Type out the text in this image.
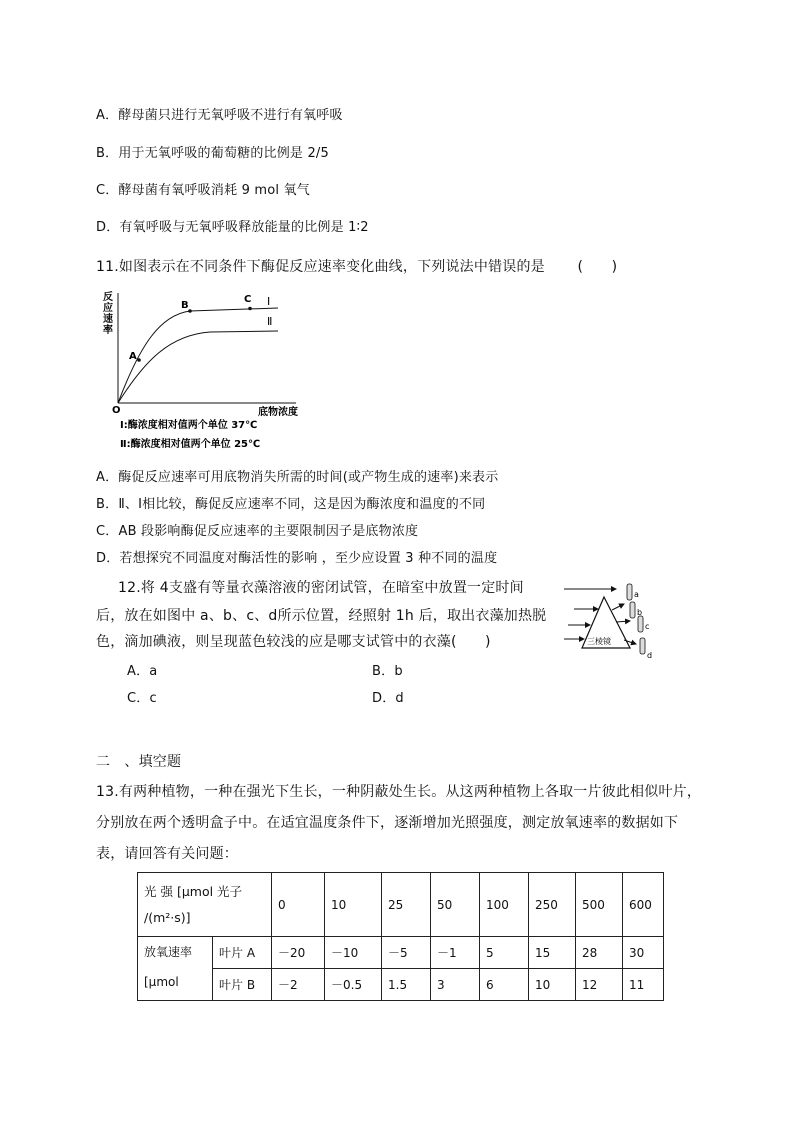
A．酵母菌只进行无氧呼吸不进行有氧呼吸
B．用于无氧呼吸的葡萄糖的比例是 2/5
C．酵母菌有氧呼吸消耗 9 mol 氧气
D．有氧呼吸与无氧呼吸释放能量的比例是 1∶2
11.如图表示在不同条件下酶促反应速率变化曲线，下列说法中错误的是 (　　)
A
B
C Ⅰ
Ⅱ
反
应
速
率
O	底物浓度
Ⅰ:酶浓度相对值两个单位 37℃
Ⅱ:酶浓度相对值两个单位 25℃
A．酶促反应速率可用底物消失所需的时间(或产物生成的速率)来表示
B．Ⅱ、Ⅰ相比较，酶促反应速率不同，这是因为酶浓度和温度的不同
C．AB 段影响酶促反应速率的主要限制因子是底物浓度
D．若想探究不同温度对酶活性的影响 ，至少应设置 3 种不同的温度
12.将 4支盛有等量衣藻溶液的密闭试管，在暗室中放置一定时间
后，放在如图中 a、b、c、d所示位置，经照射 1h 后，取出衣藻加热脱
色，滴加碘液，则呈现蓝色较浅的应是哪支试管中的衣藻(　　)	三棱镜
a
b
c
d
A．a	B．b
C．c	D．d
二　、填空题
13.有两种植物，一种在强光下生长，一种阴蔽处生长。从这两种植物上各取一片彼此相似叶片，
分别放在两个透明盒子中。在适宜温度条件下，逐渐增加光照强度，测定放氧速率的数据如下
表，请回答有关问题：
光 强 [μmol 光子
/(m²·s)]		0	10	25	50	100	250	500	600

放氧速率
[μmol	叶片 A	－20	－10	－5	－1	5	15	28	30
	叶片 B	－2	－0.5	1.5	3	6	10	12	11
